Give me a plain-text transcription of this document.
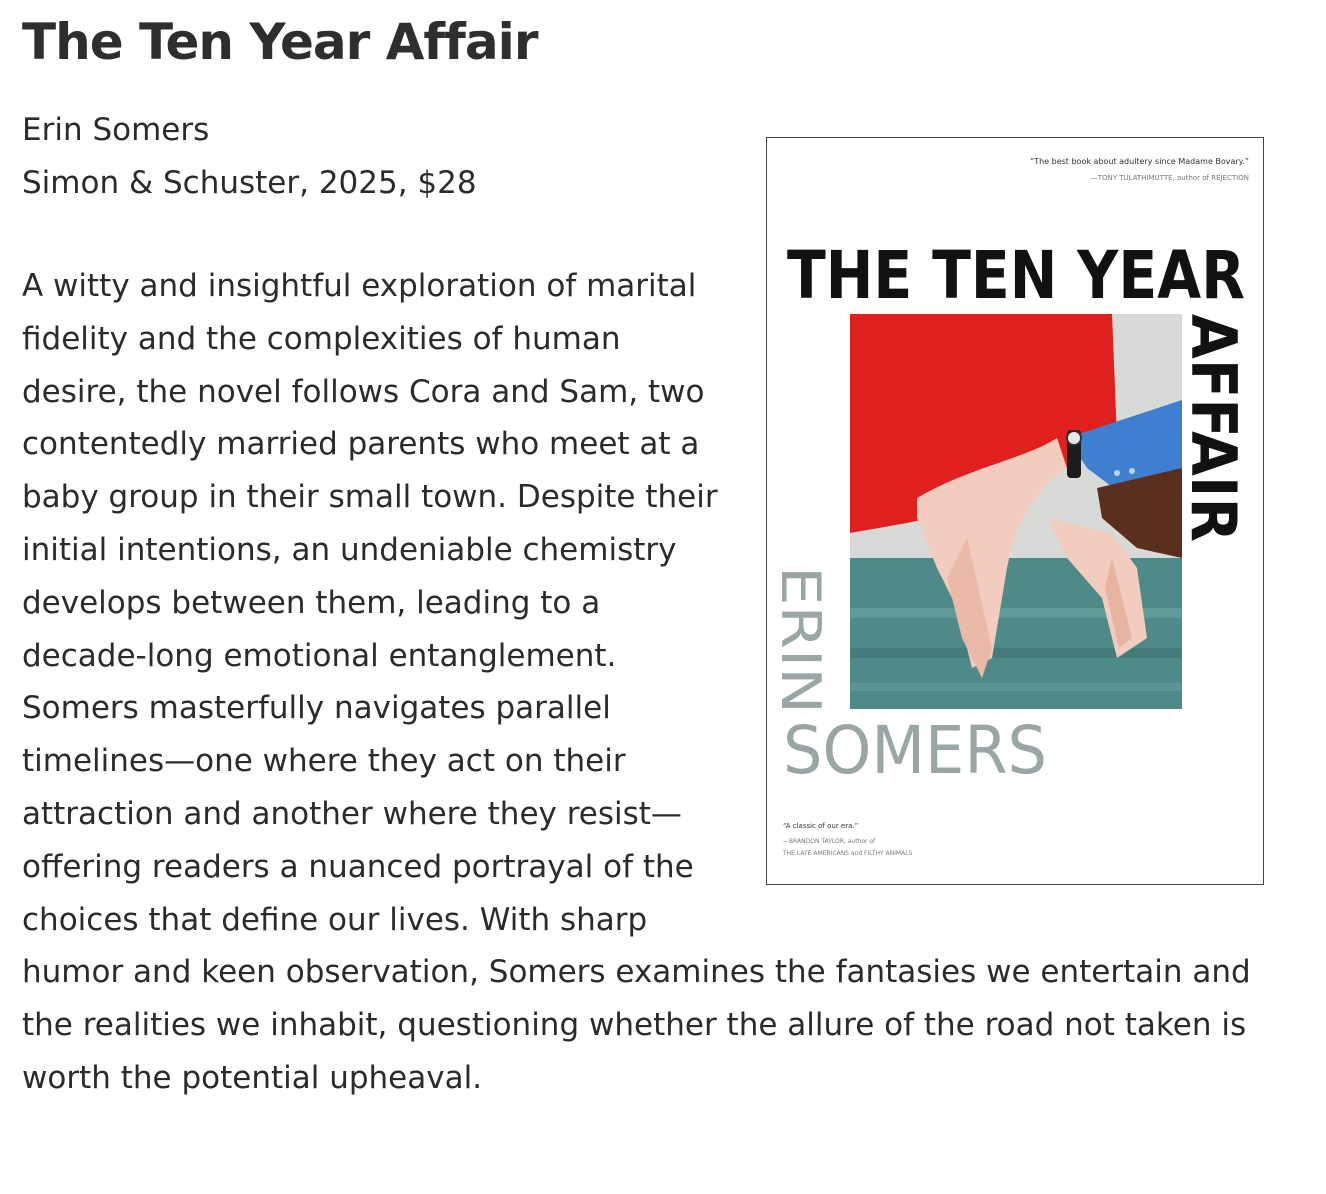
The Ten Year Affair
Erin Somers
Simon & Schuster, 2025, $28
A witty and insightful exploration of marital fidelity and the complexities of human desire, the novel follows Cora and Sam, two contentedly married parents who meet at a baby group in their small town. Despite their initial intentions, an undeniable chemistry develops between them, leading to a decade-long emotional entanglement. Somers masterfully navigates parallel timelines—one where they act on their attraction and another where they resist—offering readers a nuanced portrayal of the choices that define our lives. With sharp humor and keen observation, Somers examines the fantasies we entertain and the realities we inhabit, questioning whether the allure of the road not taken is worth the potential upheaval.
“The best book about adultery since Madame Bovary.”
—TONY TULATHIMUTTE, author of REJECTION
THE TEN YEAR
AFFAIR
ERIN
SOMERS
“A classic of our era.”
—BRANDON TAYLOR, author of
THE LATE AMERICANS and FILTHY ANIMALS
